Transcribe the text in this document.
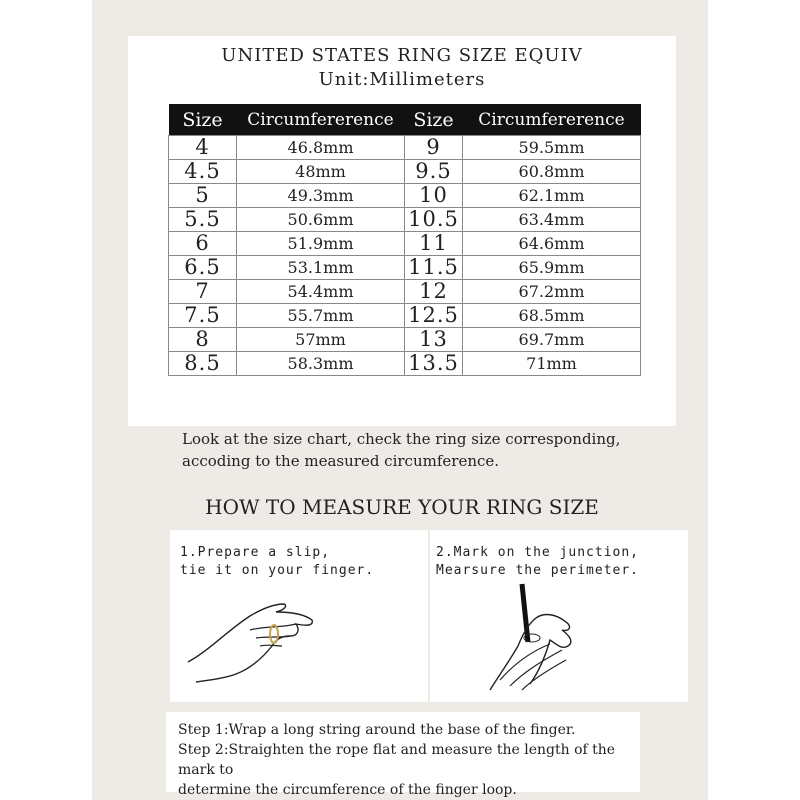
UNITED STATES RING SIZE EQUIV
Unit:Millimeters
Size	Circumfererence	Size	Circumfererence
4	46.8mm	9	59.5mm
4.5	48mm	9.5	60.8mm
5	49.3mm	10	62.1mm
5.5	50.6mm	10.5	63.4mm
6	51.9mm	11	64.6mm
6.5	53.1mm	11.5	65.9mm
7	54.4mm	12	67.2mm
7.5	55.7mm	12.5	68.5mm
8	57mm	13	69.7mm
8.5	58.3mm	13.5	71mm
Look at the size chart, check the ring size corresponding,
accoding to the measured circumference.
HOW TO MEASURE YOUR RING SIZE
1.Prepare a slip,
tie it on your finger.
2.Mark on the junction,
Mearsure the perimeter.
Step 1:Wrap a long string around the base of the finger.
Step 2:Straighten the rope flat and measure the length of the mark to
determine the circumference of the finger loop.
